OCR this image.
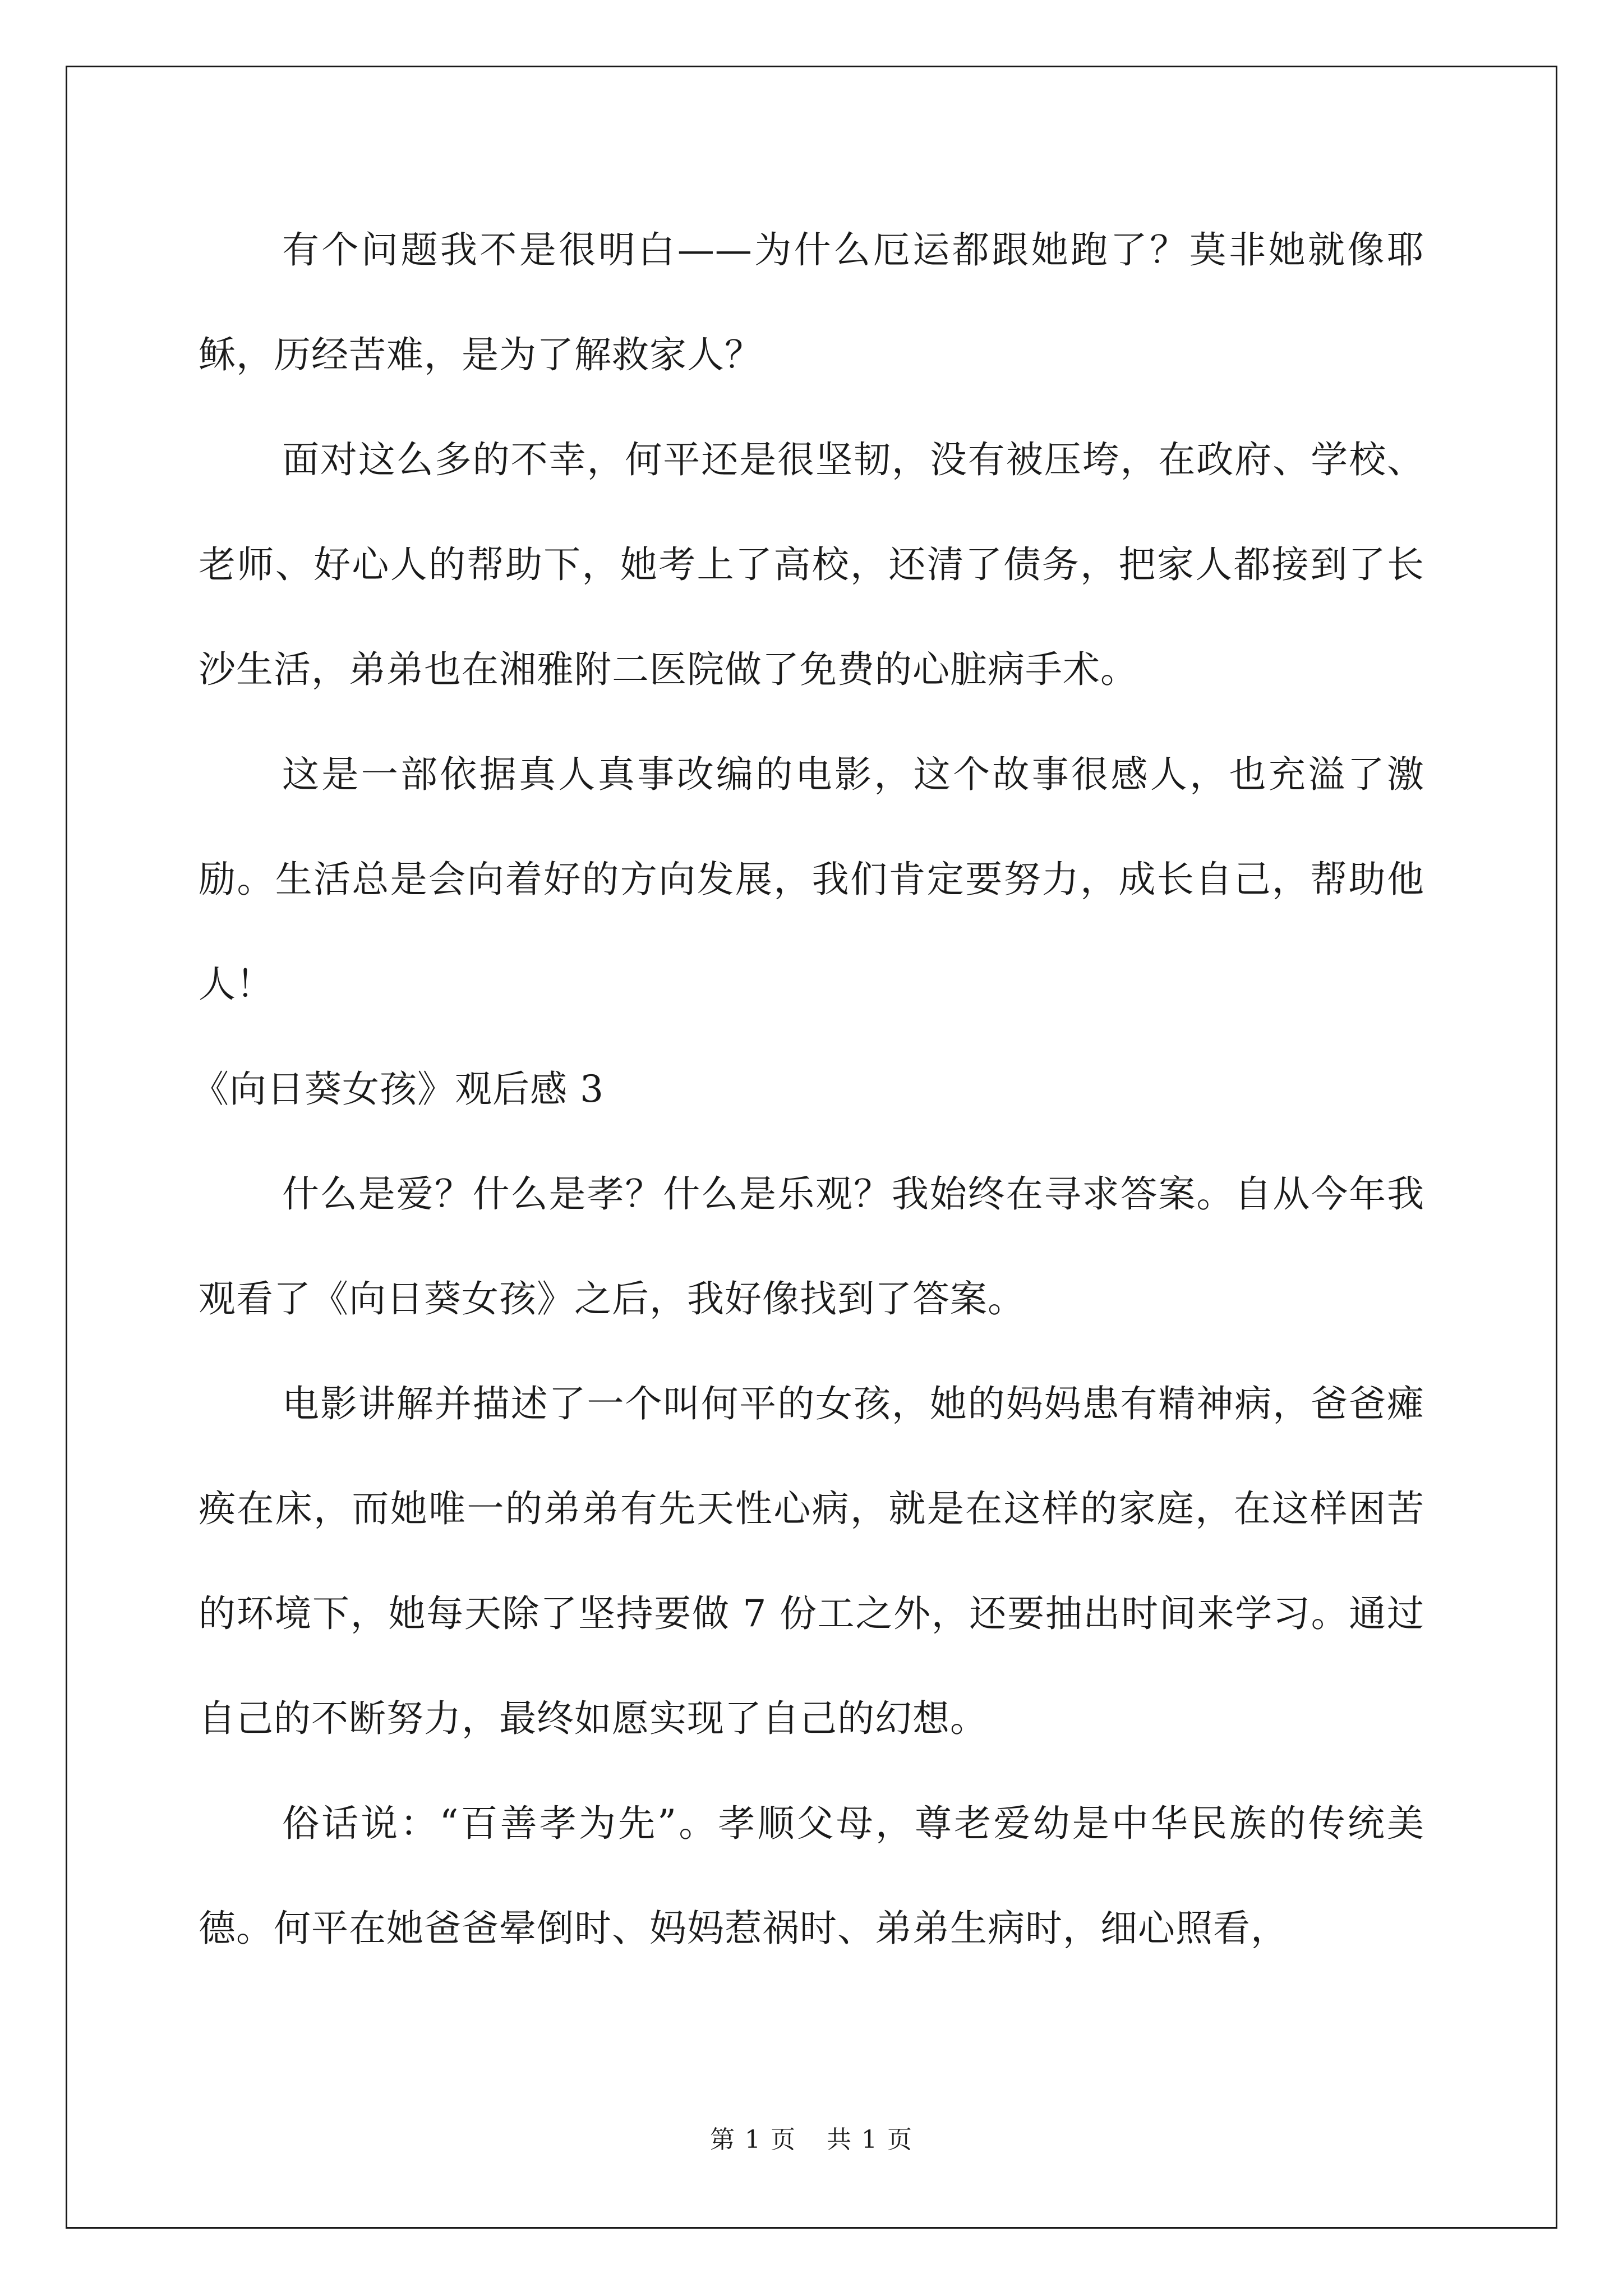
有个问题我不是很明白——为什么厄运都跟她跑了？莫非她就像耶稣，历经苦难，是为了解救家人？

面对这么多的不幸，何平还是很坚韧，没有被压垮，在政府、学校、老师、好心人的帮助下，她考上了高校，还清了债务，把家人都接到了长沙生活，弟弟也在湘雅附二医院做了免费的心脏病手术。

这是一部依据真人真事改编的电影，这个故事很感人，也充溢了激励。生活总是会向着好的方向发展，我们肯定要努力，成长自己，帮助他人！

《向日葵女孩》观后感 3

什么是爱？什么是孝？什么是乐观？我始终在寻求答案。自从今年我观看了《向日葵女孩》之后，我好像找到了答案。

电影讲解并描述了一个叫何平的女孩，她的妈妈患有精神病，爸爸瘫痪在床，而她唯一的弟弟有先天性心病，就是在这样的家庭，在这样困苦的环境下，她每天除了坚持要做 7 份工之外，还要抽出时间来学习。通过自己的不断努力，最终如愿实现了自己的幻想。

俗话说：“百善孝为先”。孝顺父母，尊老爱幼是中华民族的传统美德。何平在她爸爸晕倒时、妈妈惹祸时、弟弟生病时，细心照看，

第 1 页 共 1 页
